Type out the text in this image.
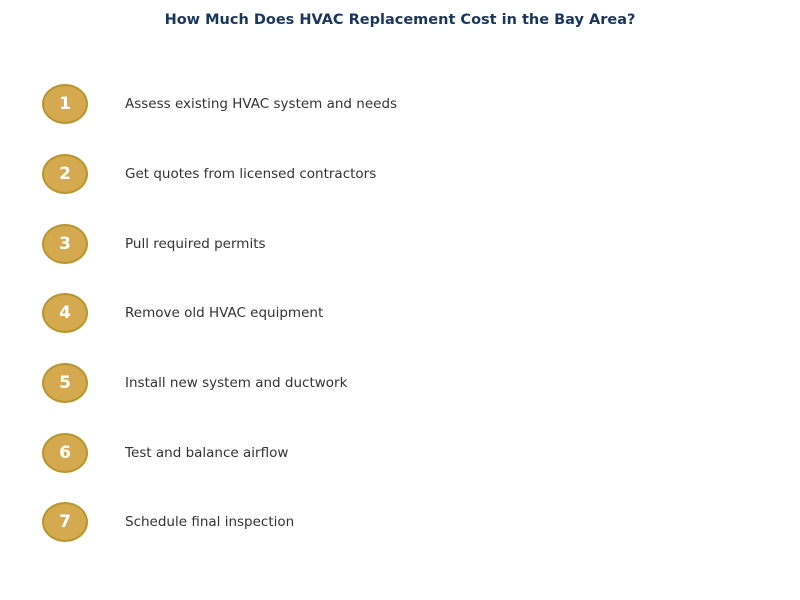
How Much Does HVAC Replacement Cost in the Bay Area?
1	Assess existing HVAC system and needs
2	Get quotes from licensed contractors
3	Pull required permits
4	Remove old HVAC equipment
5	Install new system and ductwork
6	Test and balance airflow
7	Schedule final inspection
